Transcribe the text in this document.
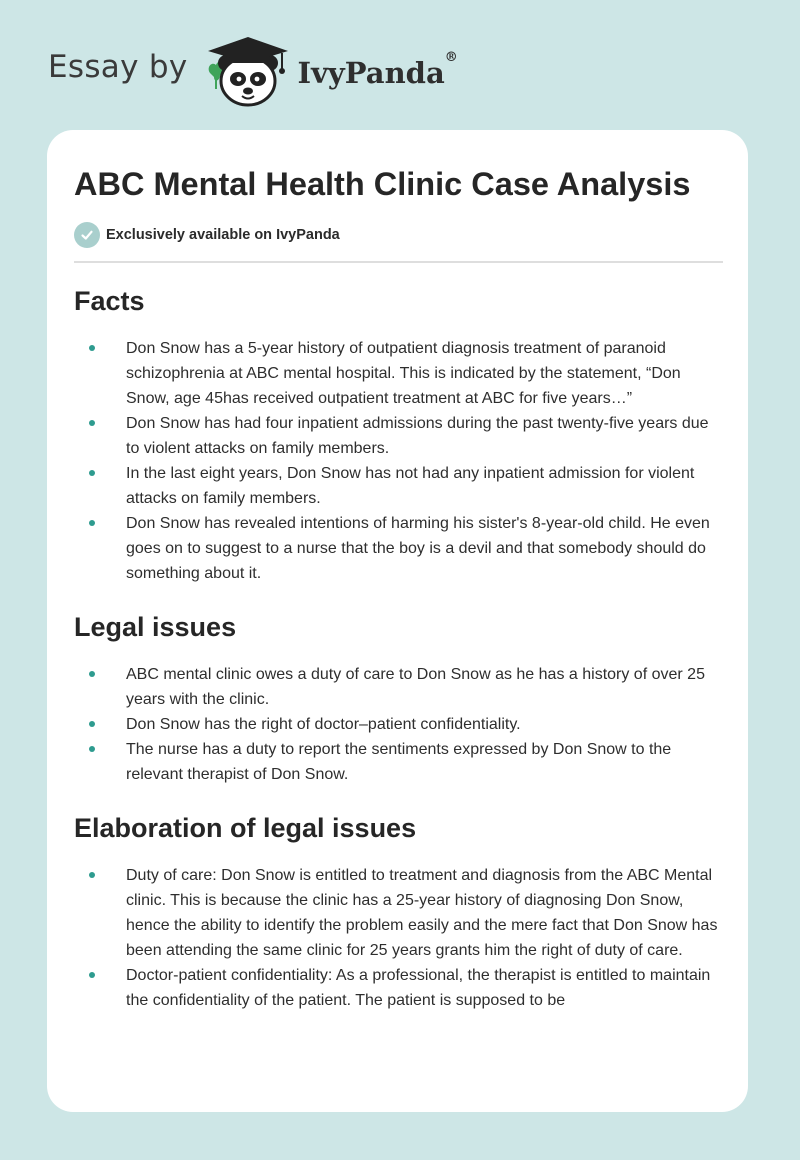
Essay by	IvyPanda®
ABC Mental Health Clinic Case Analysis
Exclusively available on IvyPanda
Facts
Don Snow has a 5-year history of outpatient diagnosis treatment of paranoid schizophrenia at ABC mental hospital. This is indicated by the statement, “Don Snow, age 45has received outpatient treatment at ABC for five years…”
Don Snow has had four inpatient admissions during the past twenty-five years due to violent attacks on family members.
In the last eight years, Don Snow has not had any inpatient admission for violent attacks on family members.
Don Snow has revealed intentions of harming his sister's 8-year-old child. He even goes on to suggest to a nurse that the boy is a devil and that somebody should do something about it.
Legal issues
ABC mental clinic owes a duty of care to Don Snow as he has a history of over 25 years with the clinic.
Don Snow has the right of doctor–patient confidentiality.
The nurse has a duty to report the sentiments expressed by Don Snow to the relevant therapist of Don Snow.
Elaboration of legal issues
Duty of care: Don Snow is entitled to treatment and diagnosis from the ABC Mental clinic. This is because the clinic has a 25-year history of diagnosing Don Snow, hence the ability to identify the problem easily and the mere fact that Don Snow has been attending the same clinic for 25 years grants him the right of duty of care.
Doctor-patient confidentiality: As a professional, the therapist is entitled to maintain the confidentiality of the patient. The patient is supposed to be
